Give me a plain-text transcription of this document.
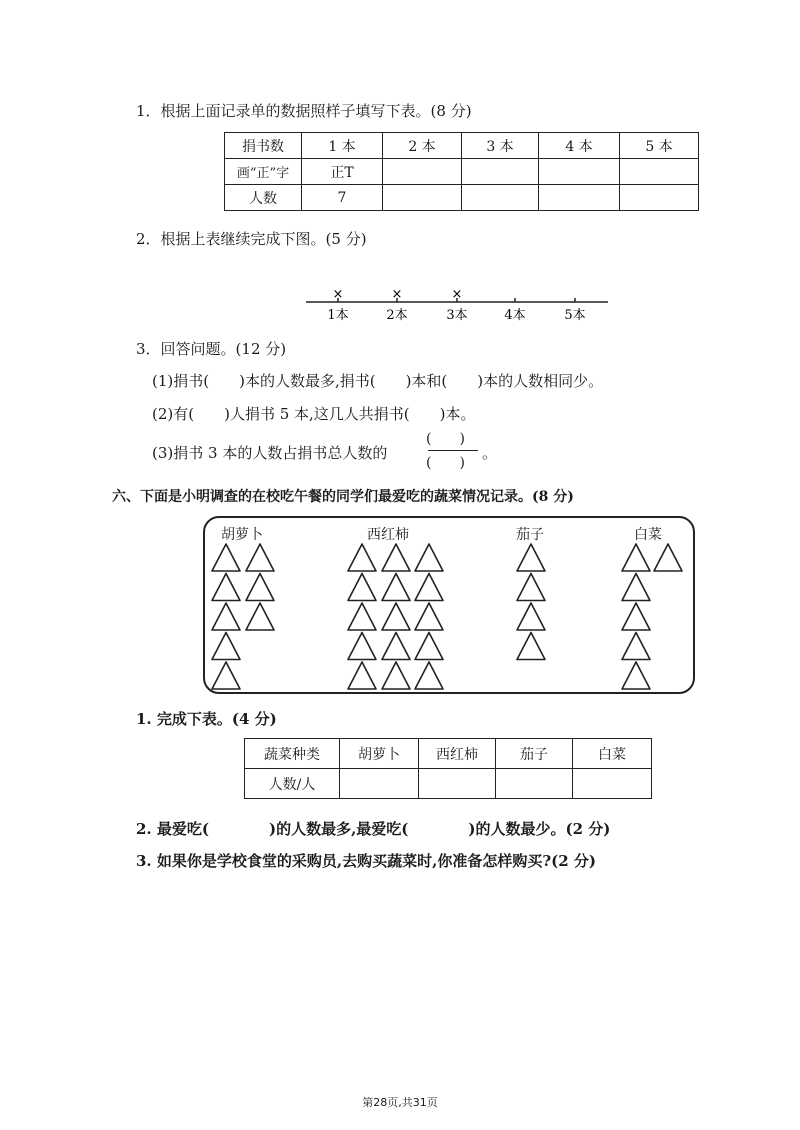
1．根据上面记录单的数据照样子填写下表。(8 分)
捐书数	1 本	2 本	3 本	4 本	5 本
画“正”字	正T				
人数	7				
2．根据上表继续完成下图。(5 分)
1本
×
2本
×
3本
×
4本	5本
3．回答问题。(12 分)
(1)捐书(　　)本的人数最多,捐书(　　)本和(　　)本的人数相同少。
(2)有(　　)人捐书 5 本,这几人共捐书(　　)本。
(3)捐书 3 本的人数占捐书总人数的
(　　)
(　　)
。
六、下面是小明调查的在校吃午餐的同学们最爱吃的蔬菜情况记录。(8 分)
胡萝卜	西红柿	茄子	白菜
1. 完成下表。(4 分)
蔬菜种类	胡萝卜	西红柿	茄子	白菜
人数/人				
2. 最爱吃(　　　　)的人数最多,最爱吃(　　　　)的人数最少。(2 分)
3. 如果你是学校食堂的采购员,去购买蔬菜时,你准备怎样购买?(2 分)
第28页,共31页
